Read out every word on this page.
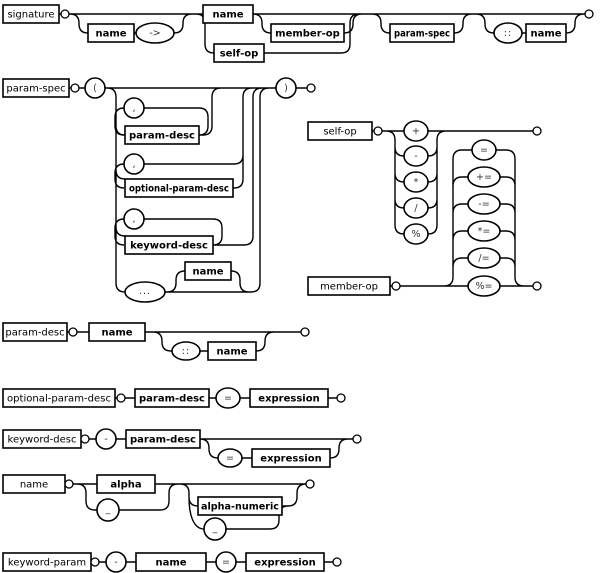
signature
name ->
name
self-op
member-op	param-spec	:: name
param-spec	(
,
param-desc
,
optional-param-desc
,
keyword-desc
...
name
)
self-op	+
-
*
/
%
member-op
=
+=
-=
*=
/=
%=
param-desc	name
::	name
optional-param-desc	param-desc =	expression
keyword-desc	- param-desc
=	expression
name	alpha
_	alpha-numeric
_
keyword-param	-	name	= expression
